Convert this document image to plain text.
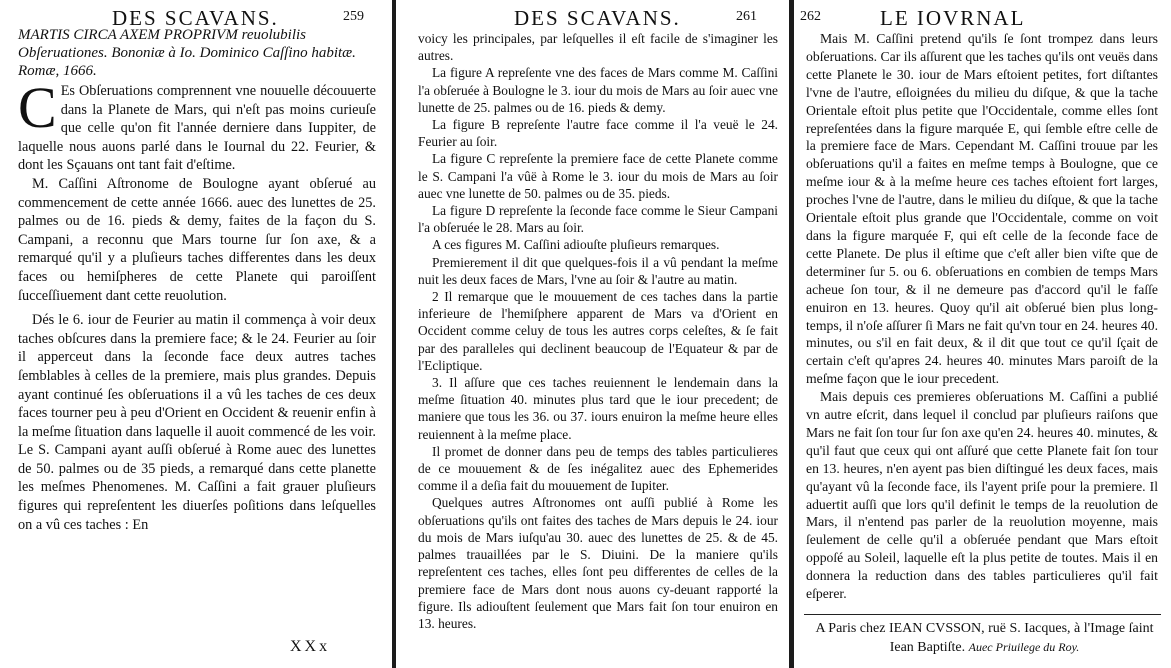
DES SCAVANS.	259
MARTIS CIRCA AXEM PROPRIVM reuolubilis Obſeruationes. Bononiæ à Io. Dominico Caſſino habitæ. Romæ, 1666.

C Es Obſeruations comprennent vne nouuelle découuerte dans la Planete de Mars, qui n'eſt pas moins curieuſe que celle qu'on fit l'année derniere dans Iuppiter, de laquelle nous auons parlé dans le Iournal du 22. Feurier, & dont les Sçauans ont tant fait d'eſtime.

M. Caſſini Aſtronome de Boulogne ayant obſerué au commencement de cette année 1666. auec des lunettes de 25. palmes ou de 16. pieds & demy, faites de la façon du S. Campani, a reconnu que Mars tourne ſur ſon axe, & a remarqué qu'il y a pluſieurs taches differentes dans les deux faces ou hemiſpheres de cette Planete qui paroiſſent ſucceſſiuement dant cette reuolution.

Dés le 6. iour de Feurier au matin il commença à voir deux taches obſcures dans la premiere face; & le 24. Feurier au ſoir il apperceut dans la ſeconde face deux autres taches ſemblables à celles de la premiere, mais plus grandes. Depuis ayant continué ſes obſeruations il a vû les taches de ces deux faces tourner peu à peu d'Orient en Occident & reuenir enfin à la meſme ſituation dans laquelle il auoit commencé de les voir. Le S. Campani ayant auſſi obſerué à Rome auec des lunettes de 50. palmes ou de 35 pieds, a remarqué dans cette planette les meſmes Phenomenes. M. Caſſini a fait grauer pluſieurs figures qui repreſentent les diuerſes poſitions dans leſquelles on a vû ces taches : En

XXx
DES SCAVANS.	261

voicy les principales, par leſquelles il eſt facile de s'imaginer les autres.

La figure A repreſente vne des faces de Mars comme M. Caſſini l'a obſeruée à Boulogne le 3. iour du mois de Mars au ſoir auec vne lunette de 25. palmes ou de 16. pieds & demy.

La figure B repreſente l'autre face comme il l'a veuë le 24. Feurier au ſoir.

La figure C repreſente la premiere face de cette Planete comme le S. Campani l'a vûë à Rome le 3. iour du mois de Mars au ſoir auec vne lunette de 50. palmes ou de 35. pieds.

La figure D repreſente la ſeconde face comme le Sieur Campani l'a obſeruée le 28. Mars au ſoir.

A ces figures M. Caſſini adiouſte pluſieurs remarques.

Premierement il dit que quelques-fois il a vû pendant la meſme nuit les deux faces de Mars, l'vne au ſoir & l'autre au matin.

2 Il remarque que le mouuement de ces taches dans la partie inferieure de l'hemiſphere apparent de Mars va d'Orient en Occident comme celuy de tous les autres corps celeſtes, & ſe fait par des paralleles qui declinent beaucoup de l'Equateur & par de l'Ecliptique.

3. Il aſſure que ces taches reuiennent le lendemain dans la meſme ſituation 40. minutes plus tard que le iour precedent; de maniere que tous les 36. ou 37. iours enuiron la meſme heure elles reuiennent à la meſme place.

Il promet de donner dans peu de temps des tables particulieres de ce mouuement & de ſes inégalitez auec des Ephemerides comme il a deſia fait du mouuement de Iupiter.

Quelques autres Aſtronomes ont auſſi publié à Rome les obſeruations qu'ils ont faites des taches de Mars depuis le 24. iour du mois de Mars iuſqu'au 30. auec des lunettes de 25. & de 45. palmes trauaillées par le S. Diuini. De la maniere qu'ils repreſentent ces taches, elles ſont peu differentes de celles de la premiere face de Mars dont nous auons cy-deuant rapporté la figure. Ils adiouſtent ſeulement que Mars fait ſon tour enuiron en 13. heures.

262	LE IOVRNAL

Mais M. Caſſini pretend qu'ils ſe ſont trompez dans leurs obſeruations. Car ils aſſurent que les taches qu'ils ont veuës dans cette Planete le 30. iour de Mars eſtoient petites, fort diſtantes l'vne de l'autre, eſloignées du milieu du diſque, & que la tache Orientale eſtoit plus petite que l'Occidentale, comme elles ſont repreſentées dans la figure marquée E, qui ſemble eſtre celle de la premiere face de Mars. Cependant M. Caſſini trouue par les obſeruations qu'il a faites en meſme temps à Boulogne, que ce meſme iour & à la meſme heure ces taches eſtoient fort larges, proches l'vne de l'autre, dans le milieu du diſque, & que la tache Orientale eſtoit plus grande que l'Occidentale, comme on voit dans la figure marquée F, qui eſt celle de la ſeconde face de cette Planete. De plus il eſtime que c'eſt aller bien viſte que de determiner ſur 5. ou 6. obſeruations en combien de temps Mars acheue ſon tour, & il ne demeure pas d'accord qu'il le faſſe enuiron en 13. heures. Quoy qu'il ait obſerué bien plus long-temps, il n'oſe aſſurer ſi Mars ne fait qu'vn tour en 24. heures 40. minutes, ou s'il en fait deux, & il dit que tout ce qu'il ſçait de certain c'eſt qu'apres 24. heures 40. minutes Mars paroiſt de la meſme façon que le iour precedent.

Mais depuis ces premieres obſeruations M. Caſſini a publié vn autre eſcrit, dans lequel il conclud par pluſieurs raiſons que Mars ne fait ſon tour ſur ſon axe qu'en 24. heures 40. minutes, & qu'il faut que ceux qui ont aſſuré que cette Planete fait ſon tour en 13. heures, n'en ayent pas bien diſtingué les deux faces, mais qu'ayant vû la ſeconde face, ils l'ayent priſe pour la premiere. Il aduertit auſſi que lors qu'il definit le temps de la reuolution de Mars, il n'entend pas parler de la reuolution moyenne, mais ſeulement de celle qu'il a obſeruée pendant que Mars eſtoit oppoſé au Soleil, laquelle eſt la plus petite de toutes. Mais il en donnera la reduction dans des tables particulieres qu'il fait eſperer.

A Paris chez IEAN CVSSON, ruë S. Iacques, à l'Image ſaint Iean Baptiſte. Auec Priuilege du Roy.
